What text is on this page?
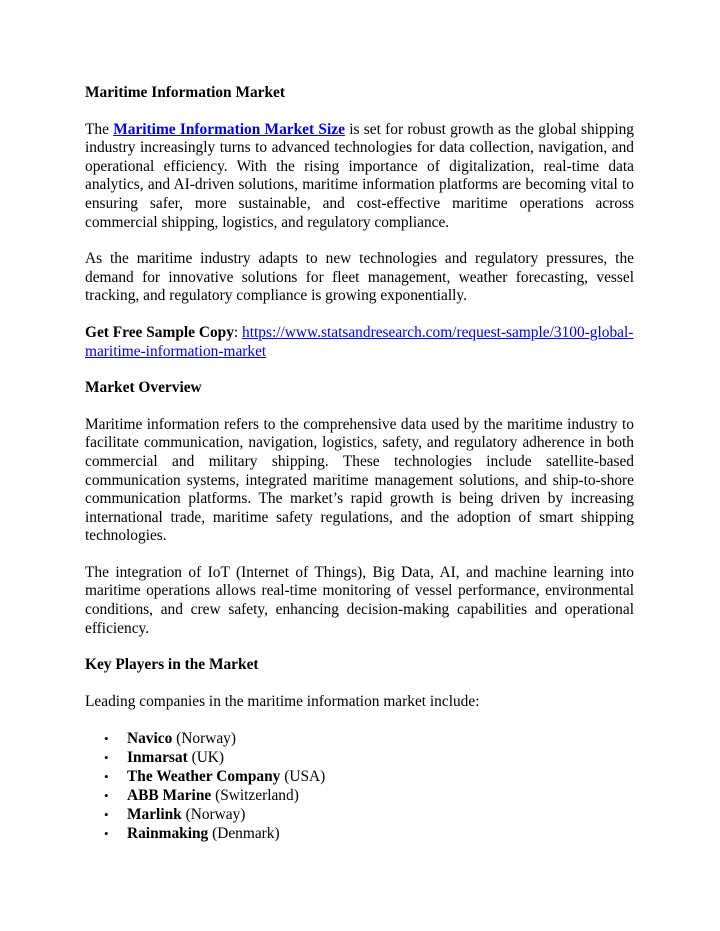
Maritime Information Market

The Maritime Information Market Size is set for robust growth as the global shipping industry increasingly turns to advanced technologies for data collection, navigation, and operational efficiency. With the rising importance of digitalization, real-time data analytics, and AI-driven solutions, maritime information platforms are becoming vital to ensuring safer, more sustainable, and cost-effective maritime operations across commercial shipping, logistics, and regulatory compliance.

As the maritime industry adapts to new technologies and regulatory pressures, the demand for innovative solutions for fleet management, weather forecasting, vessel tracking, and regulatory compliance is growing exponentially.

Get Free Sample Copy: https://www.statsandresearch.com/request-sample/3100-global-maritime-information-market

Market Overview

Maritime information refers to the comprehensive data used by the maritime industry to facilitate communication, navigation, logistics, safety, and regulatory adherence in both commercial and military shipping. These technologies include satellite-based communication systems, integrated maritime management solutions, and ship-to-shore communication platforms. The market’s rapid growth is being driven by increasing international trade, maritime safety regulations, and the adoption of smart shipping technologies.

The integration of IoT (Internet of Things), Big Data, AI, and machine learning into maritime operations allows real-time monitoring of vessel performance, environmental conditions, and crew safety, enhancing decision-making capabilities and operational efficiency.

Key Players in the Market

Leading companies in the maritime information market include:

• Navico (Norway)
• Inmarsat (UK)
• The Weather Company (USA)
• ABB Marine (Switzerland)
• Marlink (Norway)
• Rainmaking (Denmark)
